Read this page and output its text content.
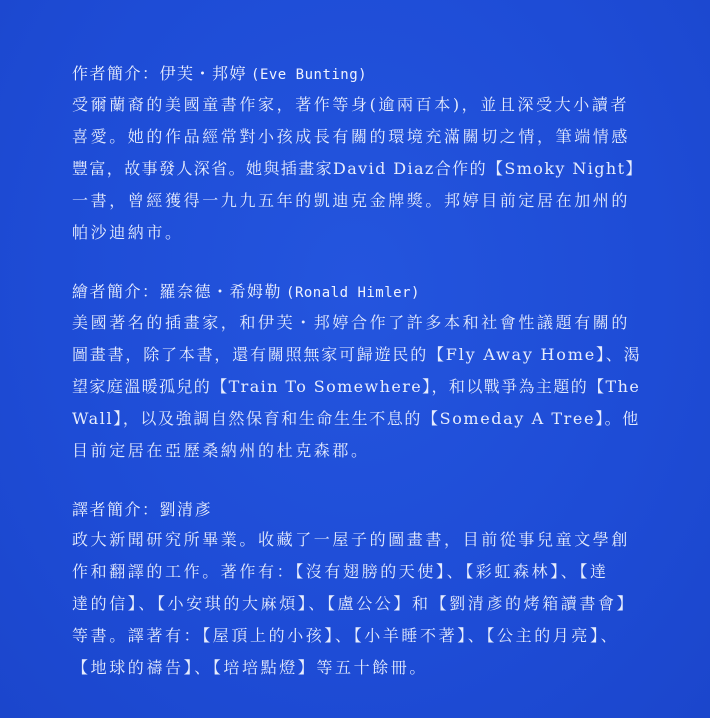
作者簡介：伊芙・邦婷 (Eve Bunting)
受爾蘭裔的美國童書作家，著作等身(逾兩百本)，並且深受大小讀者
喜愛。她的作品經常對小孩成長有關的環境充滿關切之情，筆端情感
豐富，故事發人深省。她與插畫家David Diaz合作的【Smoky Night】
一書，曾經獲得一九九五年的凱迪克金牌獎。邦婷目前定居在加州的
帕沙迪納市。
繪者簡介：羅奈德・希姆勒 (Ronald Himler)
美國著名的插畫家，和伊芙・邦婷合作了許多本和社會性議題有關的
圖畫書，除了本書，還有關照無家可歸遊民的【Fly Away Home】、渴
望家庭溫暖孤兒的【Train To Somewhere】，和以戰爭為主題的【The
Wall】，以及強調自然保育和生命生生不息的【Someday A Tree】。他
目前定居在亞歷桑納州的杜克森郡。
譯者簡介：劉清彥
政大新聞研究所畢業。收藏了一屋子的圖畫書，目前從事兒童文學創
作和翻譯的工作。著作有：【沒有翅膀的天使】、【彩虹森林】、【達
達的信】、【小安琪的大麻煩】、【盧公公】和【劉清彥的烤箱讀書會】
等書。譯著有：【屋頂上的小孩】、【小羊睡不著】、【公主的月亮】、
【地球的禱告】、【培培點燈】等五十餘冊。
